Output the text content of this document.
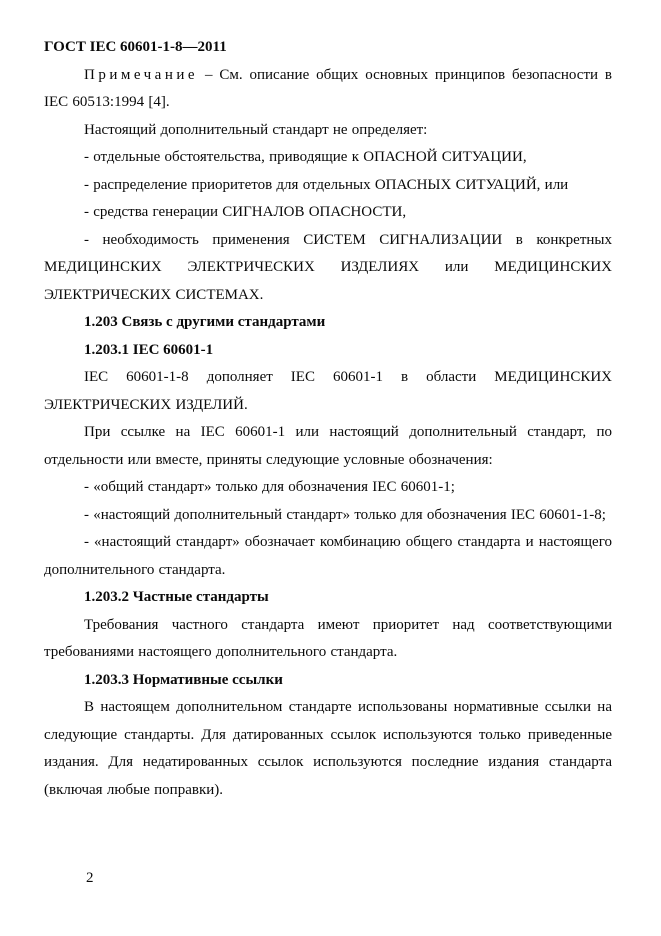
ГОСТ IEC 60601-1-8—2011

Примечание – См. описание общих основных принципов безопасности в IEC 60513:1994 [4].

Настоящий дополнительный стандарт не определяет:

- отдельные обстоятельства, приводящие к ОПАСНОЙ СИТУАЦИИ,

- распределение приоритетов для отдельных ОПАСНЫХ СИТУАЦИЙ, или

- средства генерации СИГНАЛОВ ОПАСНОСТИ,

- необходимость применения СИСТЕМ СИГНАЛИЗАЦИИ в конкретных МЕДИЦИНСКИХ ЭЛЕКТРИЧЕСКИХ ИЗДЕЛИЯХ или МЕДИЦИНСКИХ ЭЛЕКТРИЧЕСКИХ СИСТЕМАХ.

1.203 Связь с другими стандартами

1.203.1 IEC 60601-1

IEC 60601-1-8 дополняет IEC 60601-1 в области МЕДИЦИНСКИХ ЭЛЕКТРИЧЕСКИХ ИЗДЕЛИЙ.

При ссылке на IEC 60601-1 или настоящий дополнительный стандарт, по отдельности или вместе, приняты следующие условные обозначения:

- «общий стандарт» только для обозначения IEC 60601-1;

- «настоящий дополнительный стандарт» только для обозначения IEC 60601-1-8;

- «настоящий стандарт» обозначает комбинацию общего стандарта и настоящего дополнительного стандарта.

1.203.2 Частные стандарты

Требования частного стандарта имеют приоритет над соответствующими требованиями настоящего дополнительного стандарта.

1.203.3 Нормативные ссылки

В настоящем дополнительном стандарте использованы нормативные ссылки на следующие стандарты. Для датированных ссылок используются только приведенные издания. Для недатированных ссылок используются последние издания стандарта (включая любые поправки).

2
